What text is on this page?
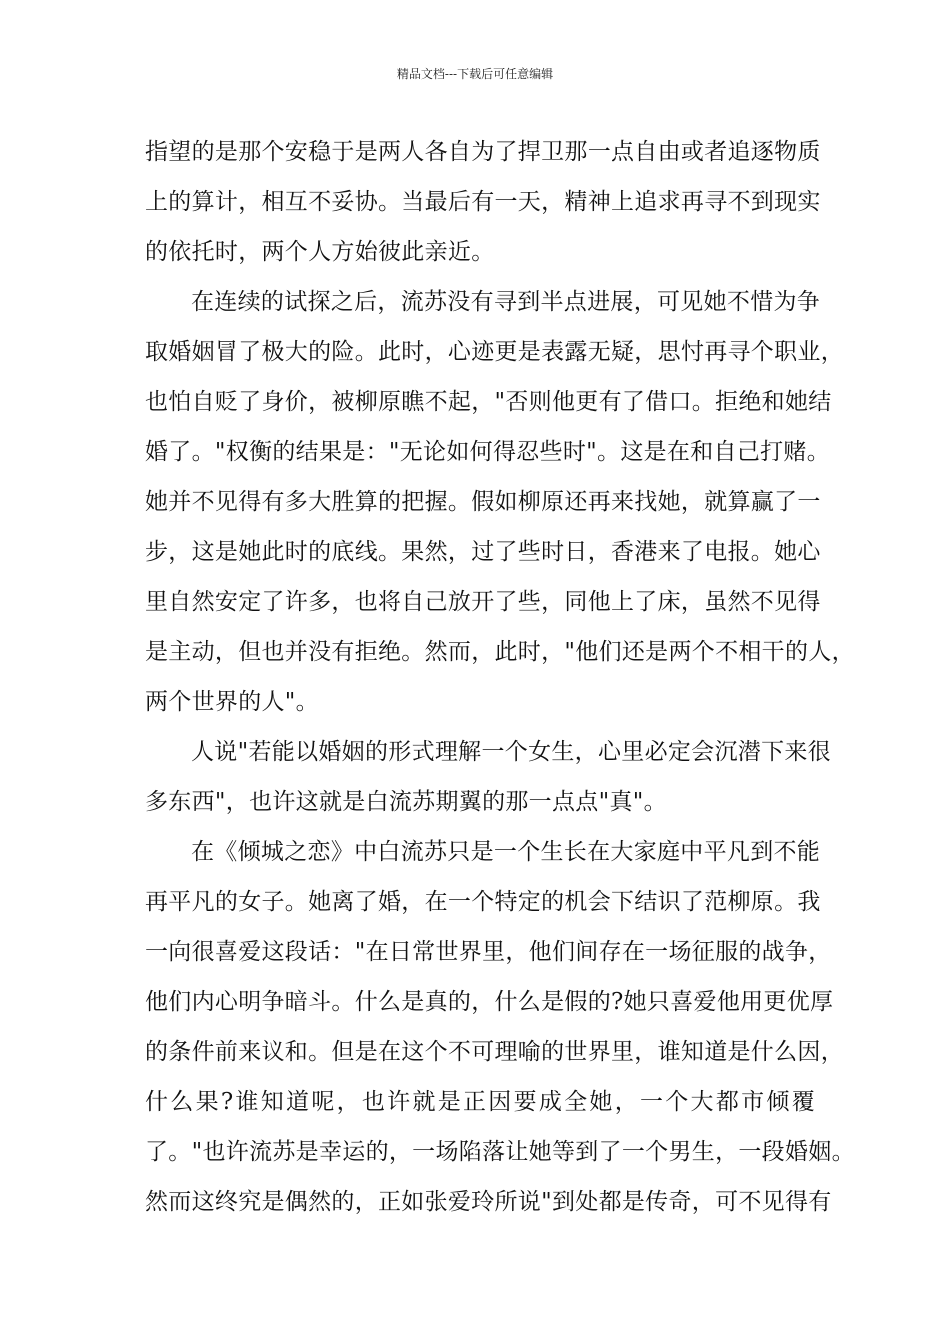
精品文档---下载后可任意编辑
指望的是那个安稳于是两人各自为了捍卫那一点自由或者追逐物质
上的算计，相互不妥协。当最后有一天，精神上追求再寻不到现实
的依托时，两个人方始彼此亲近。
在连续的试探之后，流苏没有寻到半点进展，可见她不惜为争
取婚姻冒了极大的险。此时，心迹更是表露无疑，思忖再寻个职业，
也怕自贬了身价，被柳原瞧不起，"否则他更有了借口。拒绝和她结
婚了。"权衡的结果是："无论如何得忍些时"。这是在和自己打赌。
她并不见得有多大胜算的把握。假如柳原还再来找她，就算赢了一
步，这是她此时的底线。果然，过了些时日，香港来了电报。她心
里自然安定了许多，也将自己放开了些，同他上了床，虽然不见得
是主动，但也并没有拒绝。然而，此时，"他们还是两个不相干的人，
两个世界的人"。
人说"若能以婚姻的形式理解一个女生，心里必定会沉潜下来很
多东西"，也许这就是白流苏期翼的那一点点"真"。
在《倾城之恋》中白流苏只是一个生长在大家庭中平凡到不能
再平凡的女子。她离了婚，在一个特定的机会下结识了范柳原。我
一向很喜爱这段话："在日常世界里，他们间存在一场征服的战争，
他们内心明争暗斗。什么是真的，什么是假的?她只喜爱他用更优厚
的条件前来议和。但是在这个不可理喻的世界里，谁知道是什么因，
什么果?谁知道呢，也许就是正因要成全她，一个大都市倾覆
了。"也许流苏是幸运的，一场陷落让她等到了一个男生，一段婚姻。
然而这终究是偶然的，正如张爱玲所说"到处都是传奇，可不见得有
